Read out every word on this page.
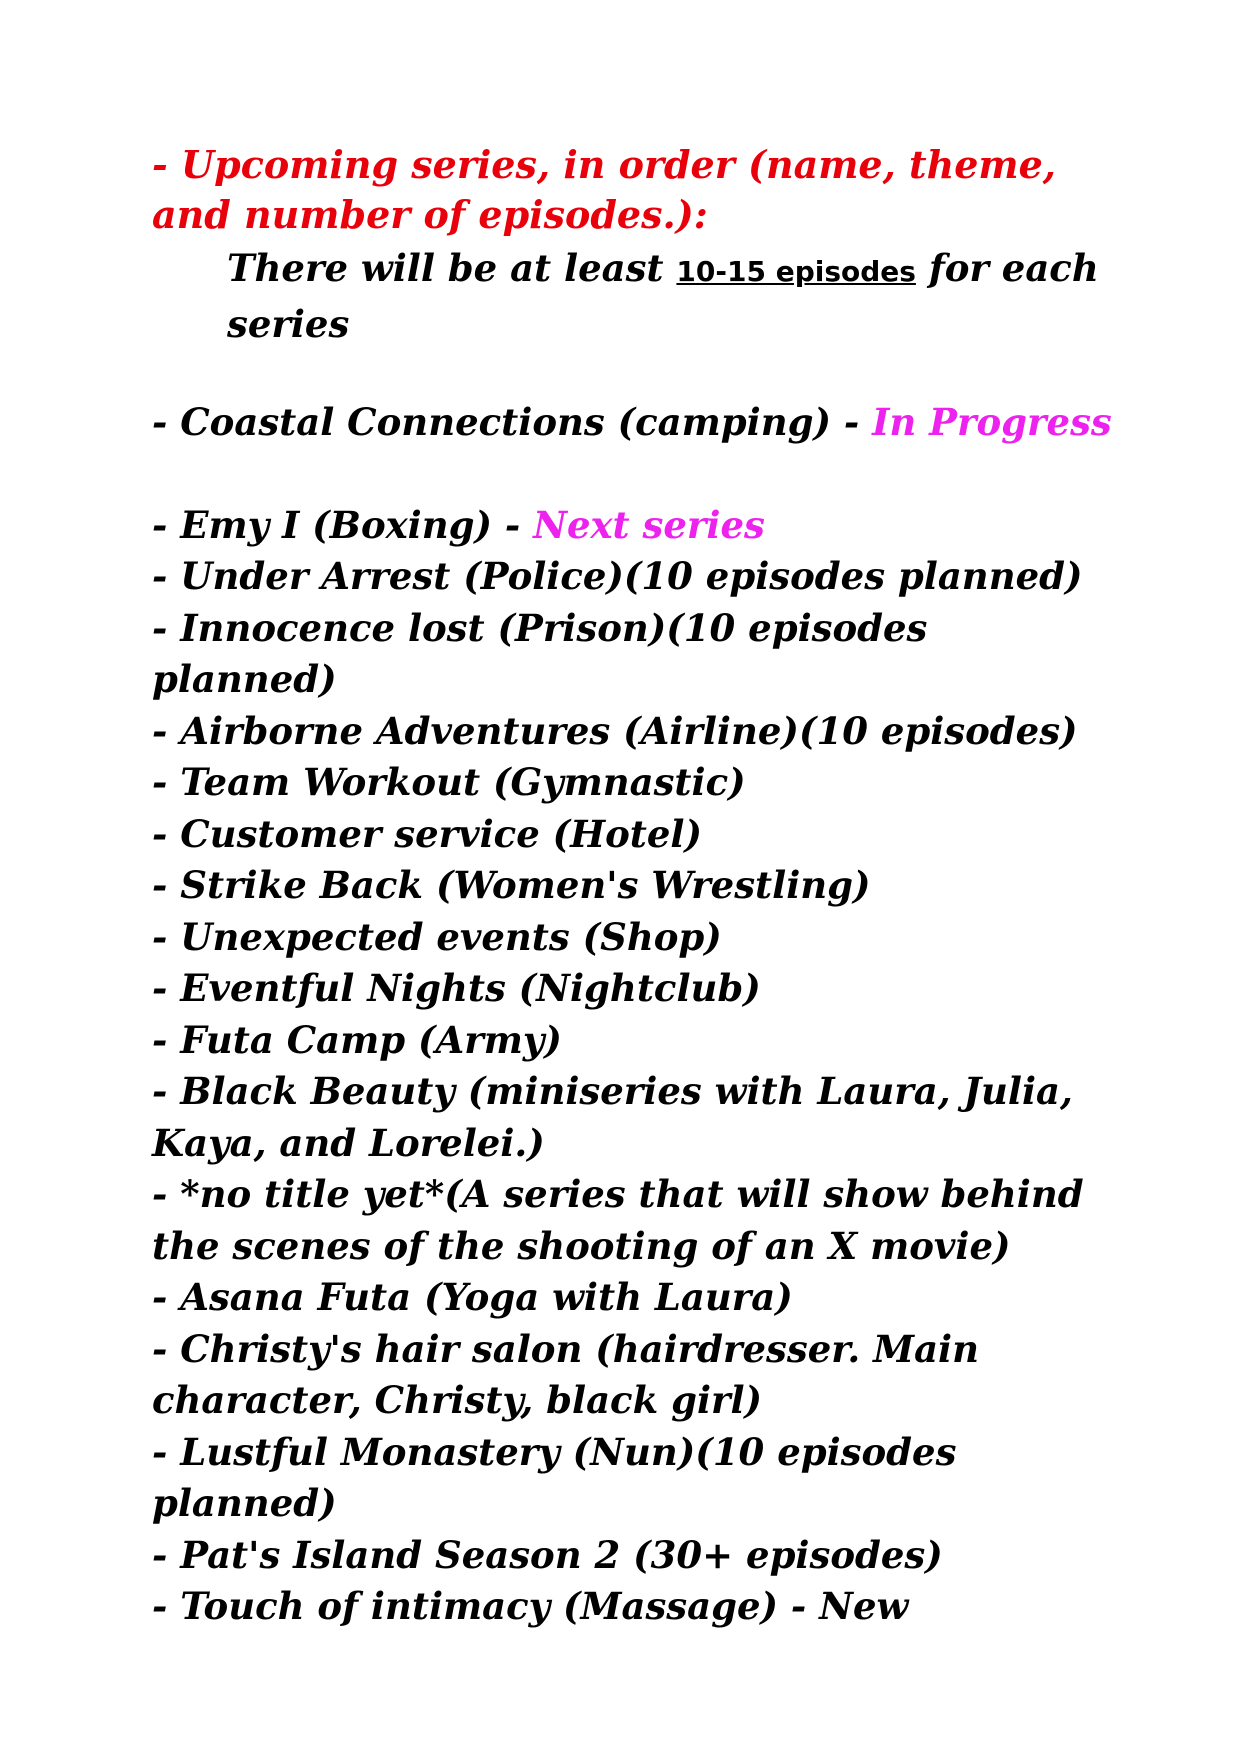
- Upcoming series, in order (name, theme, and number of episodes.):
There will be at least 10-15 episodes for each series
- Coastal Connections (camping) - In Progress
- Emy I (Boxing) - Next series
- Under Arrest (Police)(10 episodes planned)
- Innocence lost (Prison)(10 episodes planned)
- Airborne Adventures (Airline)(10 episodes)
- Team Workout (Gymnastic)
- Customer service (Hotel)
- Strike Back (Women's Wrestling)
- Unexpected events (Shop)
- Eventful Nights (Nightclub)
- Futa Camp (Army)
- Black Beauty (miniseries with Laura, Julia, Kaya, and Lorelei.)
- *no title yet*(A series that will show behind the scenes of the shooting of an X movie)
- Asana Futa (Yoga with Laura)
- Christy's hair salon (hairdresser. Main character, Christy, black girl)
- Lustful Monastery (Nun)(10 episodes planned)
- Pat's Island Season 2 (30+ episodes)
- Touch of intimacy (Massage) - New
